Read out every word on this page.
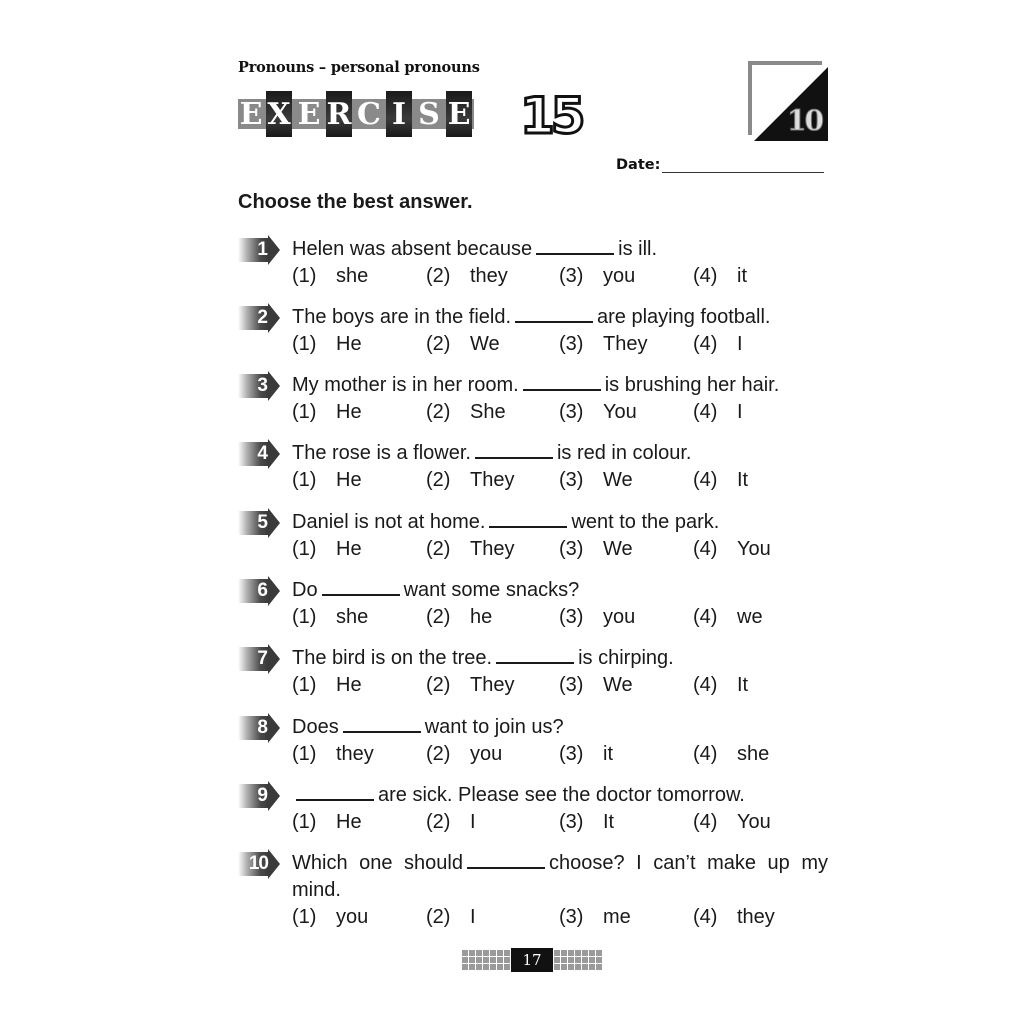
Pronouns – personal pronouns
E X E R C I S E 15	10
Date:
Choose the best answer.
1 Helen was absent because	is ill.
(1) she	(2) they	(3) you	(4) it
2 The boys are in the field.	are playing football.
(1) He	(2) We	(3) They (4) I
3 My mother is in her room.	is brushing her hair.
(1) He	(2) She	(3) You	(4) I
4 The rose is a flower.	is red in colour.
(1) He	(2) They (3) We	(4) It
5 Daniel is not at home.	went to the park.
(1) He	(2) They (3) We	(4) You
6 Do	want some snacks?
(1) she	(2) he	(3) you	(4) we
7 The bird is on the tree.	is chirping.
(1) He	(2) They (3) We	(4) It
8 Does	want to join us?
(1) they	(2) you	(3) it	(4) she
9	are sick. Please see the doctor tomorrow.
(1) He	(2) I	(3) It	(4) You
10 Which one should	choose? I can’t make up my mind.
(1) you	(2) I	(3) me	(4) they
17
